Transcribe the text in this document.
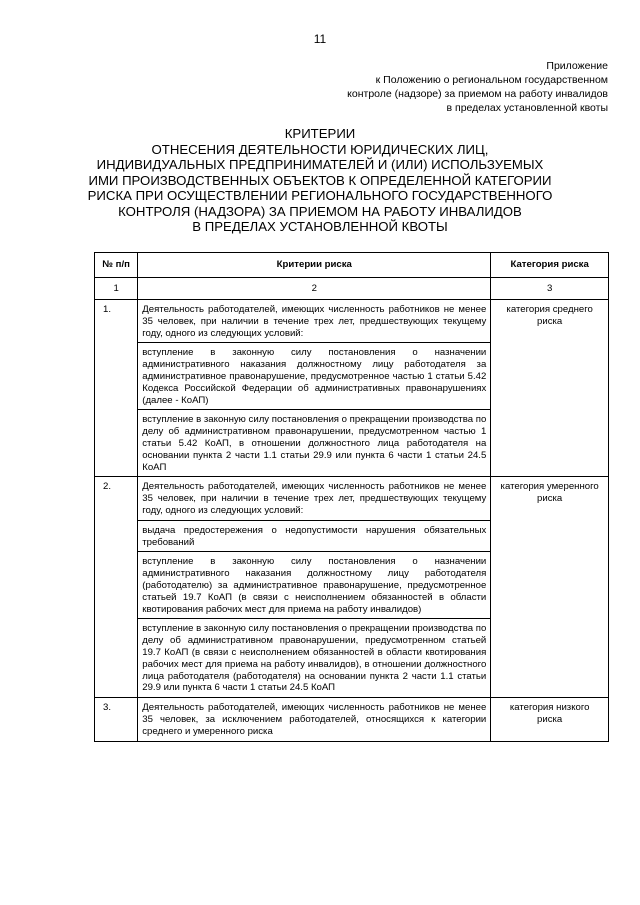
11
Приложение
к Положению о региональном государственном
контроле (надзоре) за приемом на работу инвалидов
в пределах установленной квоты
КРИТЕРИИ
ОТНЕСЕНИЯ ДЕЯТЕЛЬНОСТИ ЮРИДИЧЕСКИХ ЛИЦ,
ИНДИВИДУАЛЬНЫХ ПРЕДПРИНИМАТЕЛЕЙ И (ИЛИ) ИСПОЛЬЗУЕМЫХ
ИМИ ПРОИЗВОДСТВЕННЫХ ОБЪЕКТОВ К ОПРЕДЕЛЕННОЙ КАТЕГОРИИ
РИСКА ПРИ ОСУЩЕСТВЛЕНИИ РЕГИОНАЛЬНОГО ГОСУДАРСТВЕННОГО
КОНТРОЛЯ (НАДЗОРА) ЗА ПРИЕМОМ НА РАБОТУ ИНВАЛИДОВ
В ПРЕДЕЛАХ УСТАНОВЛЕННОЙ КВОТЫ
№ п/п	Критерии риска	Категория риска
1	2	3
1.	Деятельность работодателей, имеющих численность работников не менее 35 человек, при наличии в течение трех лет, предшествующих текущему году, одного из следующих условий:
вступление в законную силу постановления о назначении административного наказания должностному лицу работодателя за административное правонарушение, предусмотренное частью 1 статьи 5.42 Кодекса Российской Федерации об административных правонарушениях (далее - КоАП)
вступление в законную силу постановления о прекращении производства по делу об административном правонарушении, предусмотренном частью 1 статьи 5.42 КоАП, в отношении должностного лица работодателя на основании пункта 2 части 1.1 статьи 29.9 или пункта 6 части 1 статьи 24.5 КоАП	категория среднего риска
2.	Деятельность работодателей, имеющих численность работников не менее 35 человек, при наличии в течение трех лет, предшествующих текущему году, одного из следующих условий:
выдача предостережения о недопустимости нарушения обязательных требований
вступление в законную силу постановления о назначении административного наказания должностному лицу работодателя (работодателю) за административное правонарушение, предусмотренное статьей 19.7 КоАП (в связи с неисполнением обязанностей в области квотирования рабочих мест для приема на работу инвалидов)
вступление в законную силу постановления о прекращении производства по делу об административном правонарушении, предусмотренном статьей 19.7 КоАП (в связи с неисполнением обязанностей в области квотирования рабочих мест для приема на работу инвалидов), в отношении должностного лица работодателя (работодателя) на основании пункта 2 части 1.1 статьи 29.9 или пункта 6 части 1 статьи 24.5 КоАП	категория умеренного риска
3.	Деятельность работодателей, имеющих численность работников не менее 35 человек, за исключением работодателей, относящихся к категории среднего и умеренного риска	категория низкого риска
